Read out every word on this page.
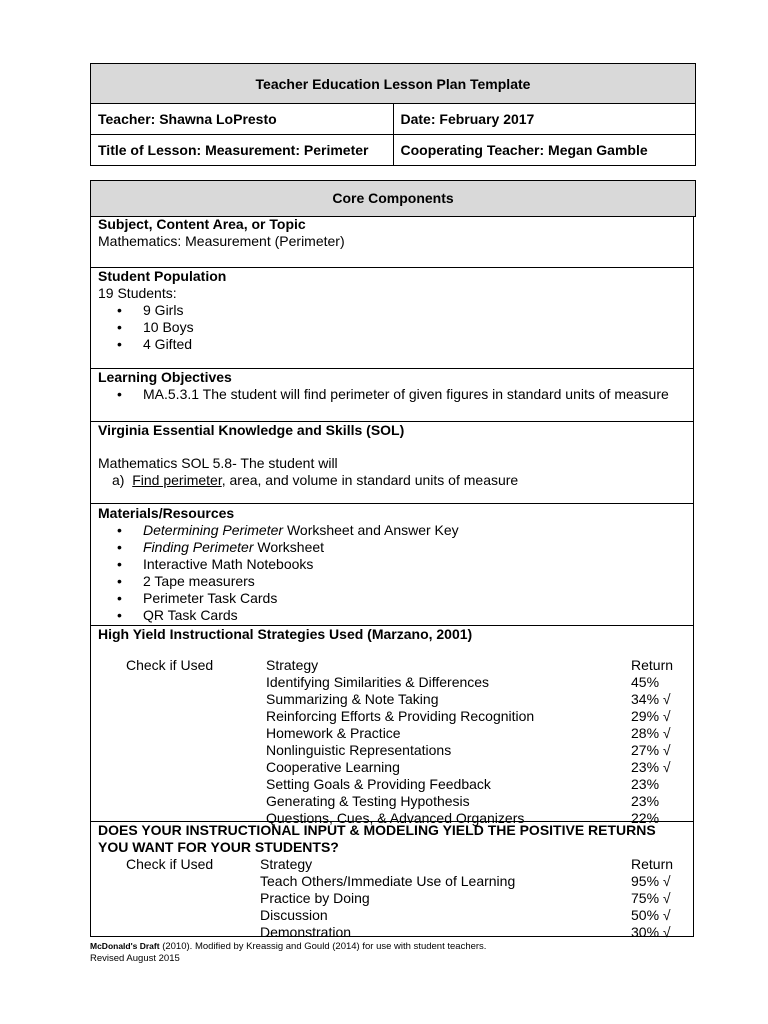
Teacher Education Lesson Plan Template	
Teacher: Shawna LoPresto	Date: February 2017
Title of Lesson: Measurement: Perimeter	Cooperating Teacher: Megan Gamble
Core Components
Subject, Content Area, or Topic

Mathematics: Measurement (Perimeter)

Student Population

19 Students:

• 9 Girls
• 10 Boys
• 4 Gifted
Learning Objectives
• MA.5.3.1 The student will find perimeter of given figures in standard units of measure
Virginia Essential Knowledge and Skills (SOL)

Mathematics SOL 5.8- The student will

a) Find perimeter, area, and volume in standard units of measure

Materials/Resources
• Determining Perimeter Worksheet and Answer Key
• Finding Perimeter Worksheet
• Interactive Math Notebooks
• 2 Tape measurers
• Perimeter Task Cards
• QR Task Cards
High Yield Instructional Strategies Used (Marzano, 2001)

Check if Used	Strategy	Return
Identifying Similarities & Differences	45%
Summarizing & Note Taking	34% √
Reinforcing Efforts & Providing Recognition	29% √
Homework & Practice	28% √
Nonlinguistic Representations	27% √
Cooperative Learning	23% √
Setting Goals & Providing Feedback	23%
Generating & Testing Hypothesis	23%
Questions, Cues, & Advanced Organizers	22%
DOES YOUR INSTRUCTIONAL INPUT & MODELING YIELD THE POSITIVE RETURNS YOU WANT FOR YOUR STUDENTS?
Check if Used	Strategy	Return
Teach Others/Immediate Use of Learning	95% √
Practice by Doing	75% √
Discussion	50% √
Demonstration	30% √
McDonald's Draft (2010). Modified by Kreassig and Gould (2014) for use with student teachers.
Revised August 2015
